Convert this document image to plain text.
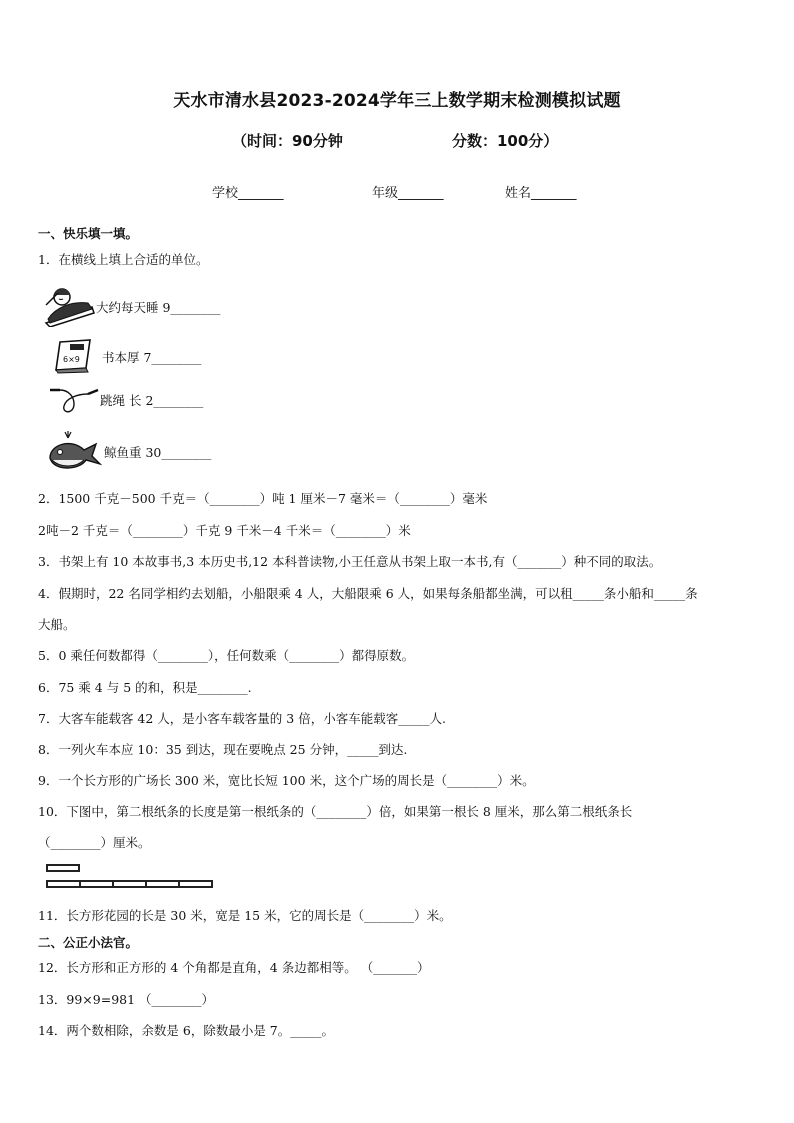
天水市清水县2023-2024学年三上数学期末检测模拟试题
（时间：90分钟	分数：100分）
学校_______	年级_______	姓名_______
一、快乐填一填。
1．在横线上填上合适的单位。
大约每天睡 9________
6×9 书本厚 7________
跳绳 长 2________
鲸鱼重 30________
2．1500 千克－500 千克＝（________）吨 1 厘米－7 毫米＝（________）毫米
2吨－2 千克＝（________）千克 9 千米－4 千米＝（________）米
3．书架上有 10 本故事书,3 本历史书,12 本科普读物,小王任意从书架上取一本书,有（_______）种不同的取法。
4．假期时，22 名同学相约去划船，小船限乘 4 人，大船限乘 6 人，如果每条船都坐满，可以租_____条小船和_____条
大船。
5．0 乘任何数都得（________），任何数乘（________）都得原数。
6．75 乘 4 与 5 的和，积是________.
7．大客车能载客 42 人，是小客车载客量的 3 倍，小客车能载客_____人.
8．一列火车本应 10：35 到达，现在要晚点 25 分钟，_____到达.
9．一个长方形的广场长 300 米，宽比长短 100 米，这个广场的周长是（________）米。
10．下图中，第二根纸条的长度是第一根纸条的（________）倍，如果第一根长 8 厘米，那么第二根纸条长
（________）厘米。
11．长方形花园的长是 30 米，宽是 15 米，它的周长是（________）米。
二、公正小法官。
12．长方形和正方形的 4 个角都是直角，4 条边都相等。 （_______）
13．99×9=981 （________）
14．两个数相除，余数是 6，除数最小是 7。_____。
